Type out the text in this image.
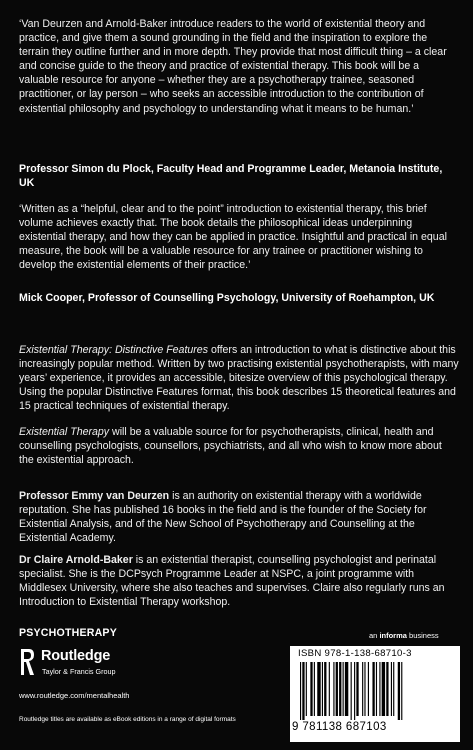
‘Van Deurzen and Arnold-Baker introduce readers to the world of existential theory and practice, and give them a sound grounding in the field and the inspiration to explore the terrain they outline further and in more depth. They provide that most difficult thing – a clear and concise guide to the theory and practice of existential therapy. This book will be a valuable resource for anyone – whether they are a psychotherapy trainee, seasoned practitioner, or lay person – who seeks an accessible introduction to the contribution of existential philosophy and psychology to understanding what it means to be human.’
Professor Simon du Plock, Faculty Head and Programme Leader, Metanoia Institute, UK
‘Written as a “helpful, clear and to the point” introduction to existential therapy, this brief volume achieves exactly that. The book details the philosophical ideas underpinning existential therapy, and how they can be applied in practice. Insightful and practical in equal measure, the book will be a valuable resource for any trainee or practitioner wishing to develop the existential elements of their practice.’
Mick Cooper, Professor of Counselling Psychology, University of Roehampton, UK
Existential Therapy: Distinctive Features offers an introduction to what is distinctive about this increasingly popular method. Written by two practising existential psychotherapists, with many years’ experience, it provides an accessible, bitesize overview of this psychological therapy. Using the popular Distinctive Features format, this book describes 15 theoretical features and 15 practical techniques of existential therapy.
Existential Therapy will be a valuable source for for psychotherapists, clinical, health and counselling psychologists, counsellors, psychiatrists, and all who wish to know more about the existential approach.
Professor Emmy van Deurzen is an authority on existential therapy with a worldwide reputation. She has published 16 books in the field and is the founder of the Society for Existential Analysis, and of the New School of Psychotherapy and Counselling at the Existential Academy.
Dr Claire Arnold-Baker is an existential therapist, counselling psychologist and perinatal specialist. She is the DCPsych Programme Leader at NSPC, a joint programme with Middlesex University, where she also teaches and supervises. Claire also regularly runs an Introduction to Existential Therapy workshop.
PSYCHOTHERAPY	an informa business
Routledge
Taylor & Francis Group
www.routledge.com/mentalhealth
Routledge titles are available as eBook editions in a range of digital formats
ISBN 978-1-138-68710-3
9 781138 687103
